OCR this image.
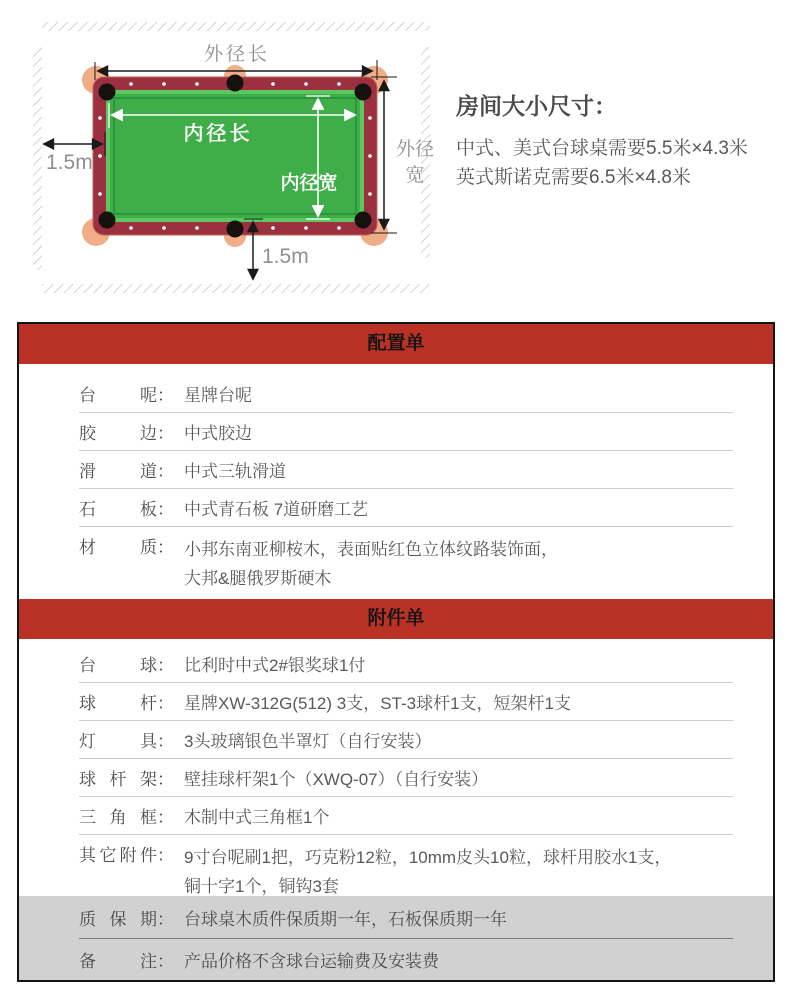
外径长
外径宽
内径长
内径宽
1.5m
1.5m

房间大小尺寸：

中式、美式台球桌需要5.5米×4.3米

英式斯诺克需要6.5米×4.8米

配置单
台呢 ： 星牌台呢
胶边 ： 中式胶边
滑道 ： 中式三轨滑道
石板 ： 中式青石板 7道研磨工艺
材质 ： 小邦东南亚柳桉木，表面贴红色立体纹路装饰面，
大邦&腿俄罗斯硬木
附件单
台球 ： 比利时中式2#银奖球1付
球杆 ： 星牌XW-312G(512) 3支，ST-3球杆1支，短架杆1支
灯具 ： 3头玻璃银色半罩灯（自行安装）
球杆架 ： 壁挂球杆架1个（XWQ-07）（自行安装）
三角框 ： 木制中式三角框1个
其它附件 ： 9寸台呢刷1把，巧克粉12粒，10mm皮头10粒，球杆用胶水1支，
铜十字1个，铜钩3套
质保期 ： 台球桌木质件保质期一年，石板保质期一年
备注 ： 产品价格不含球台运输费及安装费
